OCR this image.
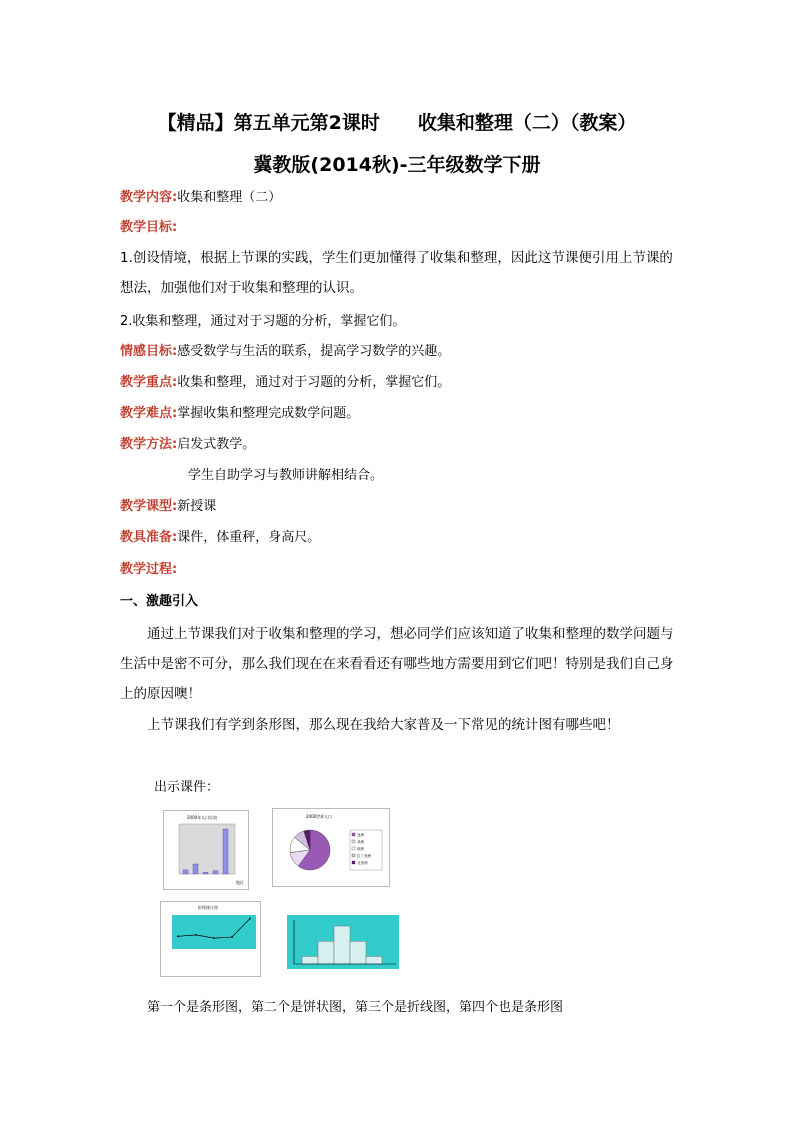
【精品】第五单元第2课时　　收集和整理（二）（教案）
冀教版(2014秋)-三年级数学下册
教学内容:收集和整理（二）
教学目标:
1.创设情境，根据上节课的实践，学生们更加懂得了收集和整理，因此这节课便引用上节课的想法，加强他们对于收集和整理的认识。
2.收集和整理，通过对于习题的分析，掌握它们。
情感目标:感受数学与生活的联系，提高学习数学的兴趣。
教学重点:收集和整理，通过对于习题的分析，掌握它们。
教学难点:掌握收集和整理完成数学问题。
教学方法:启发式教学。
学生自助学习与教师讲解相结合。
教学课型:新授课
教具准备:课件，体重秤，身高尺。
教学过程:
一、激趣引入
通过上节课我们对于收集和整理的学习，想必同学们应该知道了收集和整理的数学问题与生活中是密不可分，那么我们现在在来看看还有哪些地方需要用到它们吧！特别是我们自己身上的原因噢！
上节课我们有学到条形图，那么现在我给大家普及一下常见的统计图有哪些吧！
出示课件：
2000年人口比较
地区
2000世界人口
亚洲
非洲
欧洲
拉丁美洲
北美洲
折线统计图
第一个是条形图，第二个是饼状图，第三个是折线图，第四个也是条形图
